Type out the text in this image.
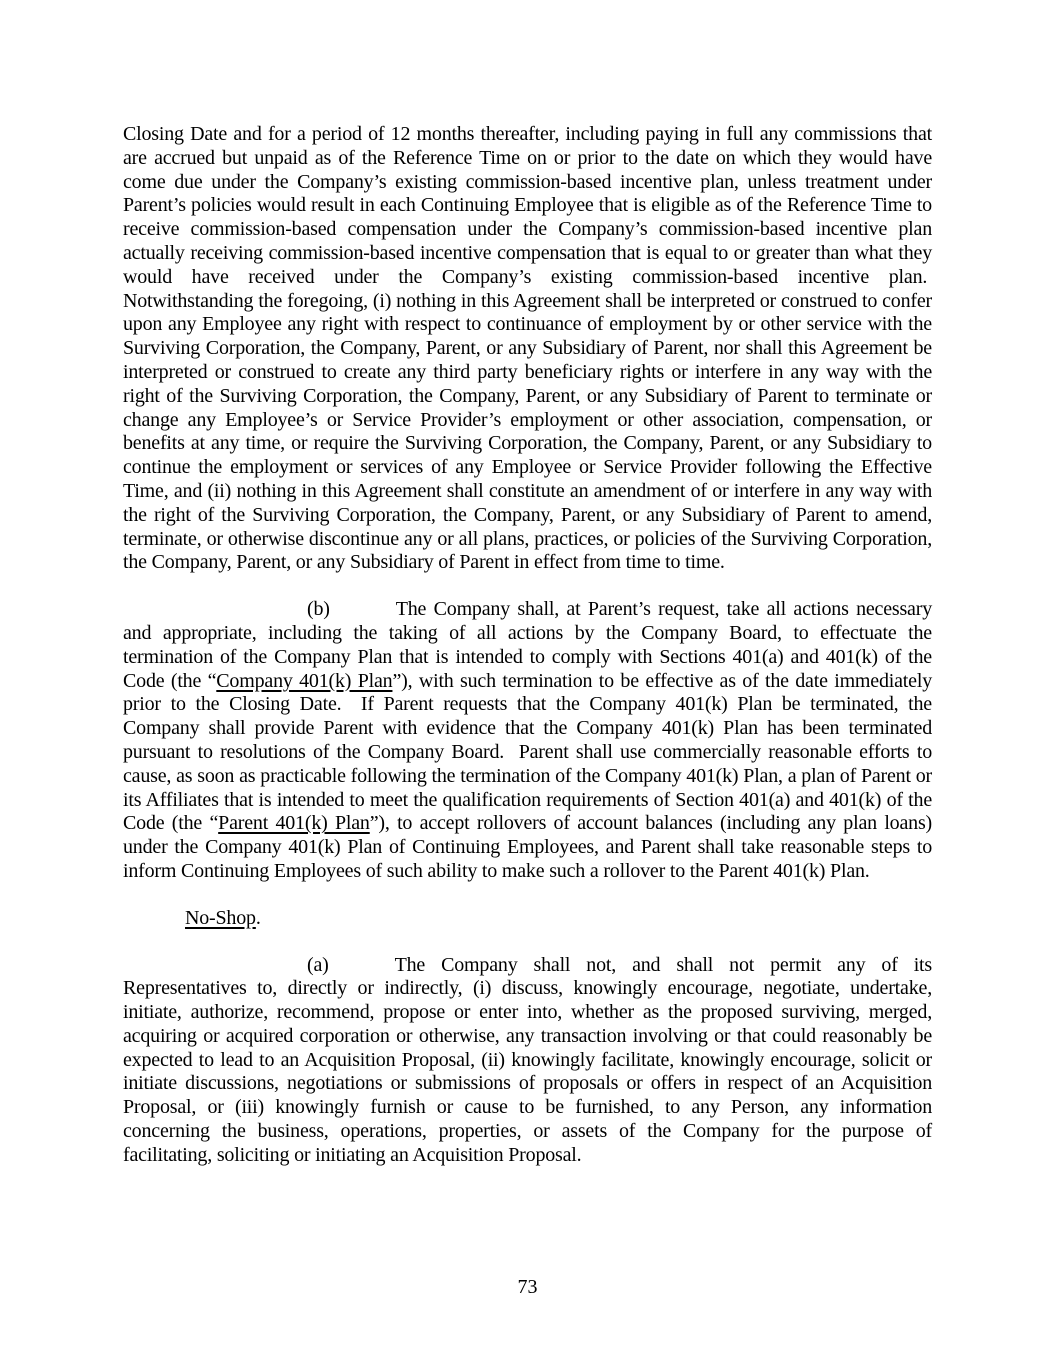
Closing Date and for a period of 12 months thereafter, including paying in full any commissions that are accrued but unpaid as of the Reference Time on or prior to the date on which they would have come due under the Company’s existing commission-based incentive plan, unless treatment under Parent’s policies would result in each Continuing Employee that is eligible as of the Reference Time to receive commission-based compensation under the Company’s commission-based incentive plan actually receiving commission-based incentive compensation that is equal to or greater than what they would have received under the Company’s existing commission-based incentive plan.  Notwithstanding the foregoing, (i) nothing in this Agreement shall be interpreted or construed to confer upon any Employee any right with respect to continuance of employment by or other service with the Surviving Corporation, the Company, Parent, or any Subsidiary of Parent, nor shall this Agreement be interpreted or construed to create any third party beneficiary rights or interfere in any way with the right of the Surviving Corporation, the Company, Parent, or any Subsidiary of Parent to terminate or change any Employee’s or Service Provider’s employment or other association, compensation, or benefits at any time, or require the Surviving Corporation, the Company, Parent, or any Subsidiary to continue the employment or services of any Employee or Service Provider following the Effective Time, and (ii) nothing in this Agreement shall constitute an amendment of or interfere in any way with the right of the Surviving Corporation, the Company, Parent, or any Subsidiary of Parent to amend, terminate, or otherwise discontinue any or all plans, practices, or policies of the Surviving Corporation, the Company, Parent, or any Subsidiary of Parent in effect from time to time.

(b)	The Company shall, at Parent’s request, take all actions necessary and appropriate, including the taking of all actions by the Company Board, to effectuate the termination of the Company Plan that is intended to comply with Sections 401(a) and 401(k) of the Code (the “Company 401(k) Plan”), with such termination to be effective as of the date immediately prior to the Closing Date.  If Parent requests that the Company 401(k) Plan be terminated, the Company shall provide Parent with evidence that the Company 401(k) Plan has been terminated pursuant to resolutions of the Company Board.  Parent shall use commercially reasonable efforts to cause, as soon as practicable following the termination of the Company 401(k) Plan, a plan of Parent or its Affiliates that is intended to meet the qualification requirements of Section 401(a) and 401(k) of the Code (the “Parent 401(k) Plan”), to accept rollovers of account balances (including any plan loans) under the Company 401(k) Plan of Continuing Employees, and Parent shall take reasonable steps to inform Continuing Employees of such ability to make such a rollover to the Parent 401(k) Plan.

No-Shop.

(a)	The Company shall not, and shall not permit any of its Representatives to, directly or indirectly, (i) discuss, knowingly encourage, negotiate, undertake, initiate, authorize, recommend, propose or enter into, whether as the proposed surviving, merged, acquiring or acquired corporation or otherwise, any transaction involving or that could reasonably be expected to lead to an Acquisition Proposal, (ii) knowingly facilitate, knowingly encourage, solicit or initiate discussions, negotiations or submissions of proposals or offers in respect of an Acquisition Proposal, or (iii) knowingly furnish or cause to be furnished, to any Person, any information concerning the business, operations, properties, or assets of the Company for the purpose of facilitating, soliciting or initiating an Acquisition Proposal.

73
